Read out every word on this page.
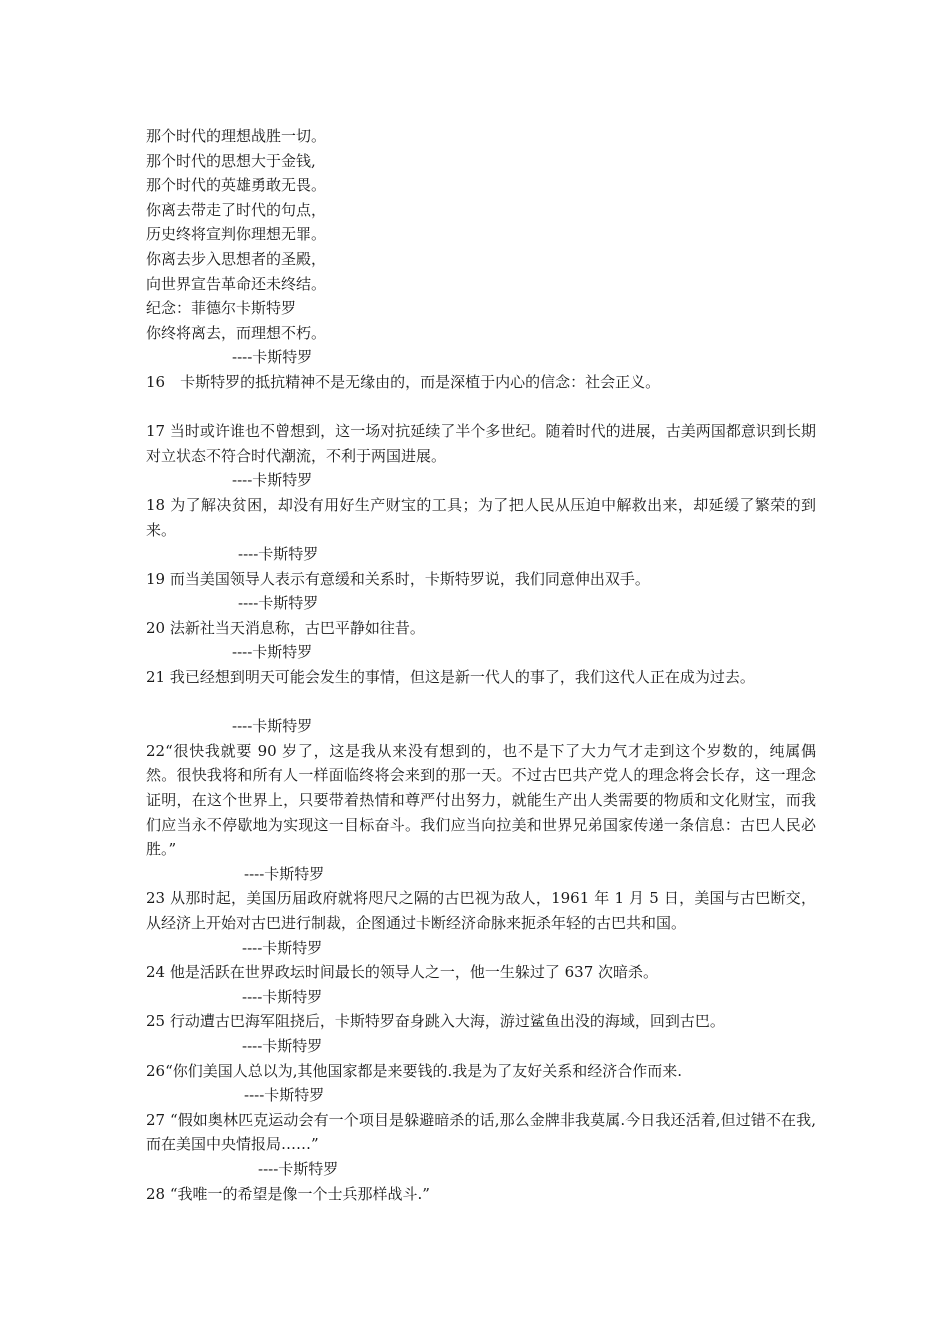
那个时代的理想战胜一切。
那个时代的思想大于金钱,
那个时代的英雄勇敢无畏。
你离去带走了时代的句点，
历史终将宣判你理想无罪。
你离去步入思想者的圣殿，
向世界宣告革命还未终结。
纪念：菲德尔卡斯特罗
你终将离去，而理想不朽。
----卡斯特罗
16　卡斯特罗的抵抗精神不是无缘由的，而是深植于内心的信念：社会正义。
17 当时或许谁也不曾想到，这一场对抗延续了半个多世纪。随着时代的进展，古美两国都意识到长期对立状态不符合时代潮流，不利于两国进展。
----卡斯特罗
18 为了解决贫困，却没有用好生产财宝的工具；为了把人民从压迫中解救出来，却延缓了繁荣的到来。
----卡斯特罗
19 而当美国领导人表示有意缓和关系时，卡斯特罗说，我们同意伸出双手。
----卡斯特罗
20 法新社当天消息称，古巴平静如往昔。
----卡斯特罗
21 我已经想到明天可能会发生的事情，但这是新一代人的事了，我们这代人正在成为过去。
----卡斯特罗
22“很快我就要 90 岁了，这是我从来没有想到的，也不是下了大力气才走到这个岁数的，纯属偶然。很快我将和所有人一样面临终将会来到的那一天。不过古巴共产党人的理念将会长存，这一理念证明，在这个世界上，只要带着热情和尊严付出努力，就能生产出人类需要的物质和文化财宝，而我们应当永不停歇地为实现这一目标奋斗。我们应当向拉美和世界兄弟国家传递一条信息：古巴人民必胜。”
----卡斯特罗
23 从那时起，美国历届政府就将咫尺之隔的古巴视为敌人，1961 年 1 月 5 日，美国与古巴断交，从经济上开始对古巴进行制裁，企图通过卡断经济命脉来扼杀年轻的古巴共和国。
----卡斯特罗
24 他是活跃在世界政坛时间最长的领导人之一，他一生躲过了 637 次暗杀。
----卡斯特罗
25 行动遭古巴海军阻挠后，卡斯特罗奋身跳入大海，游过鲨鱼出没的海域，回到古巴。
----卡斯特罗
26“你们美国人总以为,其他国家都是来要钱的.我是为了友好关系和经济合作而来.
----卡斯特罗
27 “假如奥林匹克运动会有一个项目是躲避暗杀的话,那么金牌非我莫属.今日我还活着,但过错不在我,而在美国中央情报局……”
----卡斯特罗
28 “我唯一的希望是像一个士兵那样战斗.”
